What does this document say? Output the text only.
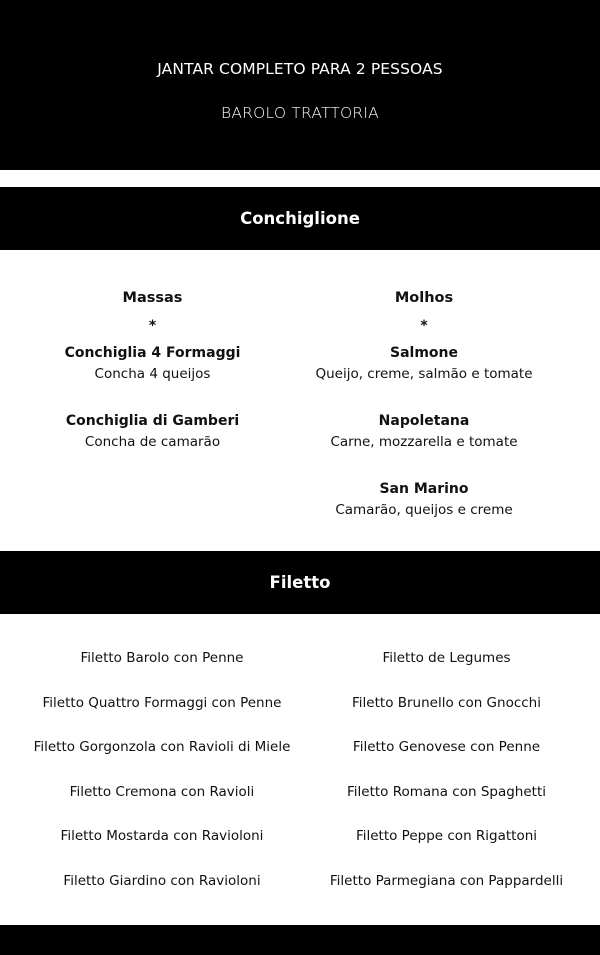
JANTAR COMPLETO PARA 2 PESSOAS
BAROLO TRATTORIA
Conchiglione
Massas
*
Conchiglia 4 Formaggi
Concha 4 queijos
Conchiglia di Gamberi
Concha de camarão
Molhos
*
Salmone
Queijo, creme, salmão e tomate
Napoletana
Carne, mozzarella e tomate
San Marino
Camarão, queijos e creme
Filetto
Filetto Barolo con Penne
Filetto Quattro Formaggi con Penne
Filetto Gorgonzola con Ravioli di Miele
Filetto Cremona con Ravioli
Filetto Mostarda con Ravioloni
Filetto Giardino con Ravioloni
Filetto de Legumes
Filetto Brunello con Gnocchi
Filetto Genovese con Penne
Filetto Romana con Spaghetti
Filetto Peppe con Rigattoni
Filetto Parmegiana con Pappardelli
